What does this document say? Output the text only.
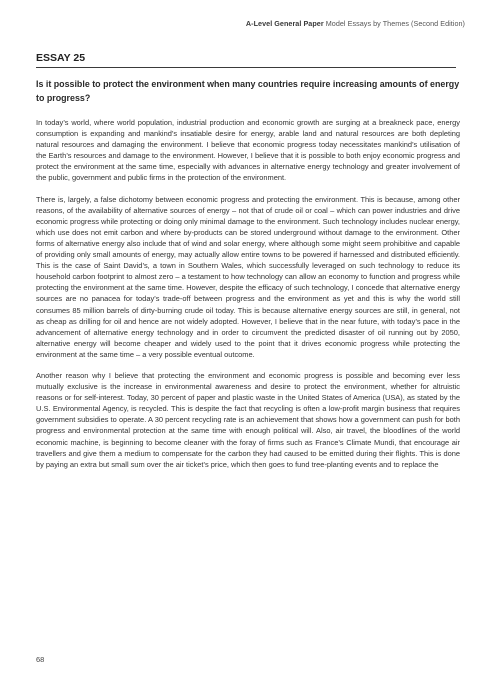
A-Level General Paper Model Essays by Themes (Second Edition)
ESSAY 25
Is it possible to protect the environment when many countries require increasing amounts of energy to progress?

In today’s world, where world population, industrial production and economic growth are surging at a breakneck pace, energy consumption is expanding and mankind’s insatiable desire for energy, arable land and natural resources are both depleting natural resources and damaging the environment. I believe that economic progress today necessitates mankind’s utilisation of the Earth’s resources and damage to the environment. However, I believe that it is possible to both enjoy economic progress and protect the environment at the same time, especially with advances in alternative energy technology and greater involvement of the public, government and public firms in the protection of the environment.

There is, largely, a false dichotomy between economic progress and protecting the environment. This is because, among other reasons, of the availability of alternative sources of energy – not that of crude oil or coal – which can power industries and drive economic progress while protecting or doing only minimal damage to the environment. Such technology includes nuclear energy, which use does not emit carbon and where by-products can be stored underground without damage to the environment. Other forms of alternative energy also include that of wind and solar energy, where although some might seem prohibitive and capable of providing only small amounts of energy, may actually allow entire towns to be powered if harnessed and distributed efficiently. This is the case of Saint David’s, a town in Southern Wales, which successfully leveraged on such technology to reduce its household carbon footprint to almost zero – a testament to how technology can allow an economy to function and progress while protecting the environment at the same time. However, despite the efficacy of such technology, I concede that alternative energy sources are no panacea for today’s trade-off between progress and the environment as yet and this is why the world still consumes 85 million barrels of dirty-burning crude oil today. This is because alternative energy sources are still, in general, not as cheap as drilling for oil and hence are not widely adopted. However, I believe that in the near future, with today’s pace in the advancement of alternative energy technology and in order to circumvent the predicted disaster of oil running out by 2050, alternative energy will become cheaper and widely used to the point that it drives economic progress while protecting the environment at the same time – a very possible eventual outcome.

Another reason why I believe that protecting the environment and economic progress is possible and becoming ever less mutually exclusive is the increase in environmental awareness and desire to protect the environment, whether for altruistic reasons or for self-interest. Today, 30 percent of paper and plastic waste in the United States of America (USA), as stated by the U.S. Environmental Agency, is recycled. This is despite the fact that recycling is often a low-profit margin business that requires government subsidies to operate. A 30 percent recycling rate is an achievement that shows how a government can push for both progress and environmental protection at the same time with enough political will. Also, air travel, the bloodlines of the world economic machine, is beginning to become cleaner with the foray of firms such as France’s Climate Mundi, that encourage air travellers and give them a medium to compensate for the carbon they had caused to be emitted during their flights. This is done by paying an extra but small sum over the air ticket’s price, which then goes to fund tree-planting events and to replace the

68
